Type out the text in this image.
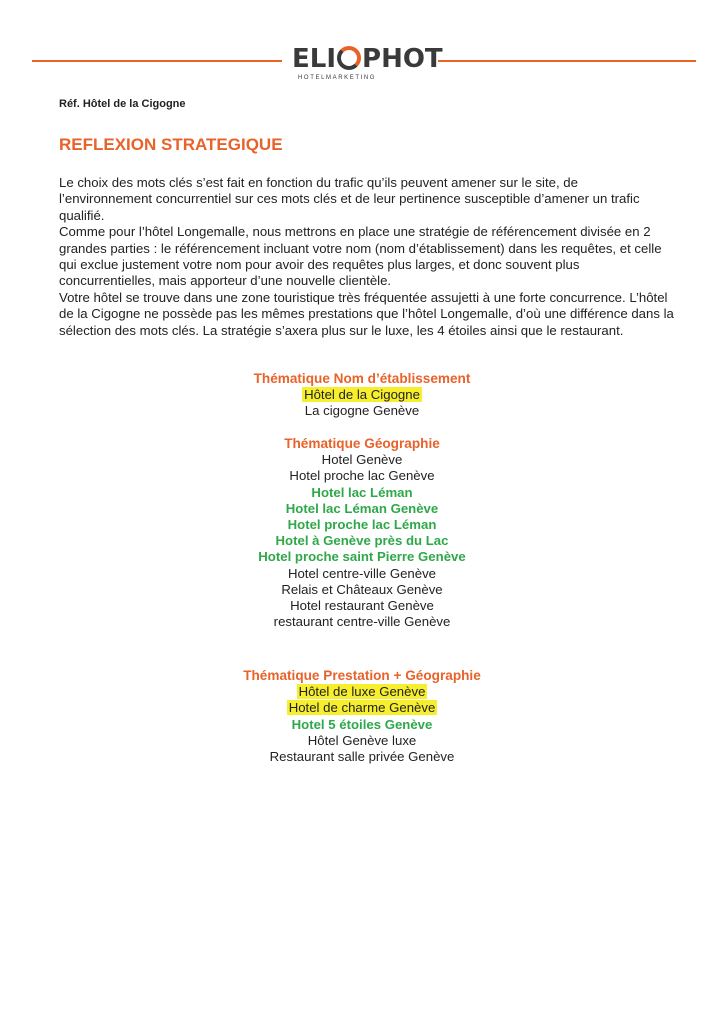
ELI PHOT
HOTELMARKETING
Réf. Hôtel de la Cigogne
REFLEXION STRATEGIQUE

Le choix des mots clés s’est fait en fonction du trafic qu’ils peuvent amener sur le site, de l’environnement concurrentiel sur ces mots clés et de leur pertinence susceptible d’amener un trafic qualifié.

Comme pour l’hôtel Longemalle, nous mettrons en place une stratégie de référencement divisée en 2 grandes parties : le référencement incluant votre nom (nom d’établissement) dans les requêtes, et celle qui exclue justement votre nom pour avoir des requêtes plus larges, et donc souvent plus concurrentielles, mais apporteur d’une nouvelle clientèle.

Votre hôtel se trouve dans une zone touristique très fréquentée assujetti à une forte concurrence. L’hôtel de la Cigogne ne possède pas les mêmes prestations que l’hôtel Longemalle, d’où une différence dans la sélection des mots clés. La stratégie s’axera plus sur le luxe, les 4 étoiles ainsi que le restaurant.

Thématique Nom d’établissement
Hôtel de la Cigogne
La cigogne Genève
Thématique Géographie
Hotel Genève
Hotel proche lac Genève
Hotel lac Léman
Hotel lac Léman Genève
Hotel proche lac Léman
Hotel à Genève près du Lac
Hotel proche saint Pierre Genève
Hotel centre-ville Genève
Relais et Châteaux Genève
Hotel restaurant Genève
restaurant centre-ville Genève
Thématique Prestation + Géographie
Hôtel de luxe Genève
Hotel de charme Genève
Hotel 5 étoiles Genève
Hôtel Genève luxe
Restaurant salle privée Genève
